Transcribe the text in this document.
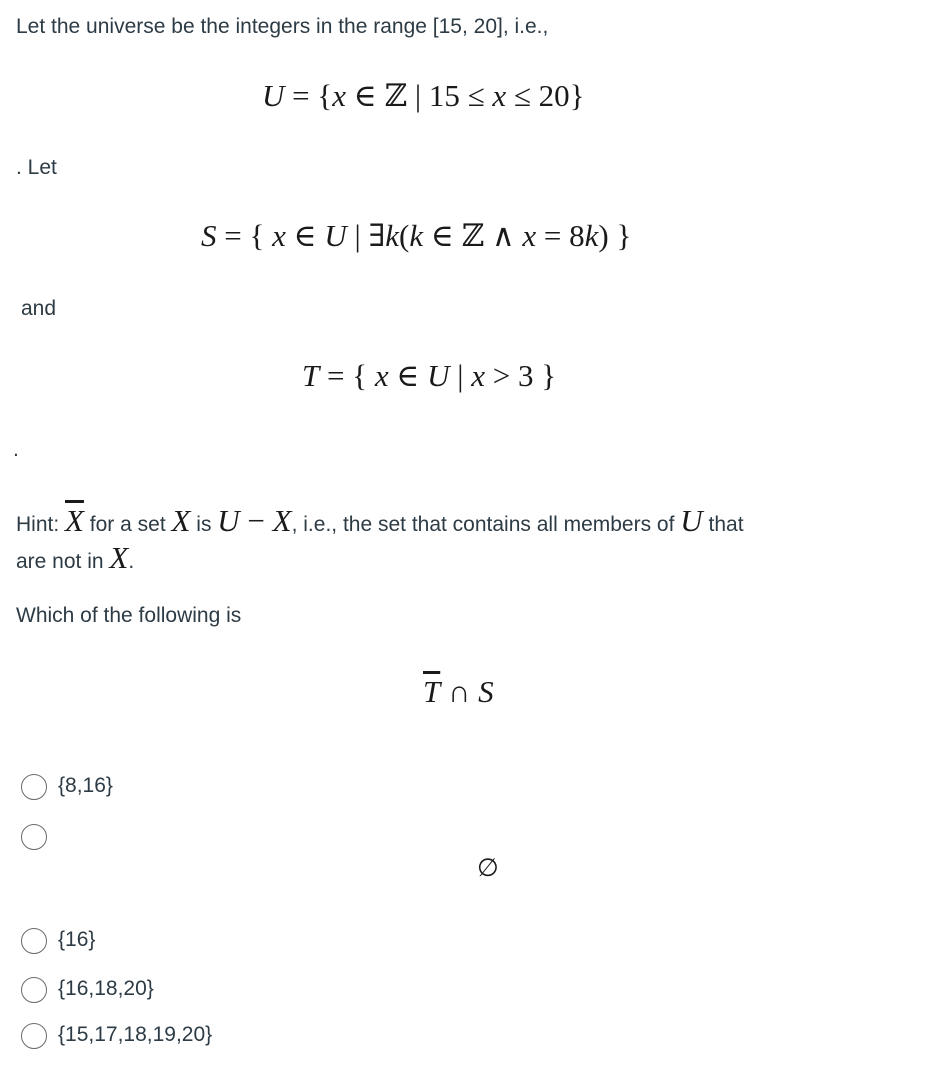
Let the universe be the integers in the range [15, 20], i.e.,
U = {x ∈ ℤ | 15 ≤ x ≤ 20}
. Let
S = { x ∈ U | ∃k(k ∈ ℤ ∧ x = 8k) }
and
T = { x ∈ U | x > 3 }
.
Hint: $\overline{X}$ for a set X is U − X, i.e., the set that contains all members of U that
are not in X.
Which of the following is
$\overline{T}$ ∩ S
{8,16}
∅
{16}
{16,18,20}
{15,17,18,19,20}
